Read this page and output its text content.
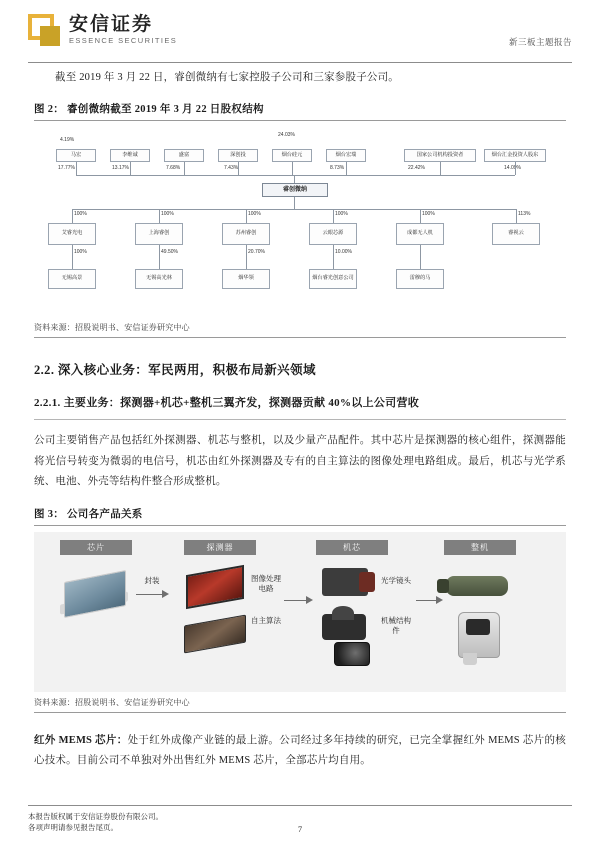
安信证券
ESSENCE SECURITIES	新三板主题报告

截至 2019 年 3 月 22 日，睿创微纳有七家控股子公司和三家参股子公司。

图 2： 睿创微纳截至 2019 年 3 月 22 日股权结构
马宏	李维诚	盛富	深创投	烟台硅元	烟台宏瑞	国家公司机构投资者	烟台汇金投资人股东
4.19%
24.03%
17.77%	13.17%	7.68%	7.43%	8.73%	22.42%	14.09%
睿创微纳
100%	100%	100%	100%	100%	113%
艾睿光电	上海睿创	苏州睿创	云眼芯源	成都无人机	睿视云
100%	49.50%	20.70%	10.00%
无锡高景	无锡高光林	烟华领	烟台睿光创意公司	雷穆的马
资料来源：招股说明书、安信证券研究中心
2.2. 深入核心业务：军民两用，积极布局新兴领域
2.2.1. 主要业务：探测器+机芯+整机三翼齐发，探测器贡献 40%以上公司营收

公司主要销售产品包括红外探测器、机芯与整机，以及少量产品配件。其中芯片是探测器的核心组件，探测器能将光信号转变为微弱的电信号，机芯由红外探测器及专有的自主算法的图像处理电路组成。最后，机芯与光学系统、电池、外壳等结构件整合形成整机。

图 3： 公司各产品关系
芯片	探测器	机芯	整机
封装	图像处理电路
自主算法
光学镜头
机械结构件
资料来源：招股说明书、安信证券研究中心

红外 MEMS 芯片：处于红外成像产业链的最上游。公司经过多年持续的研究，已完全掌握红外 MEMS 芯片的核心技术。目前公司不单独对外出售红外 MEMS 芯片，全部芯片均自用。

本报告版权属于安信证券股份有限公司。
各项声明请参见报告尾页。	7
